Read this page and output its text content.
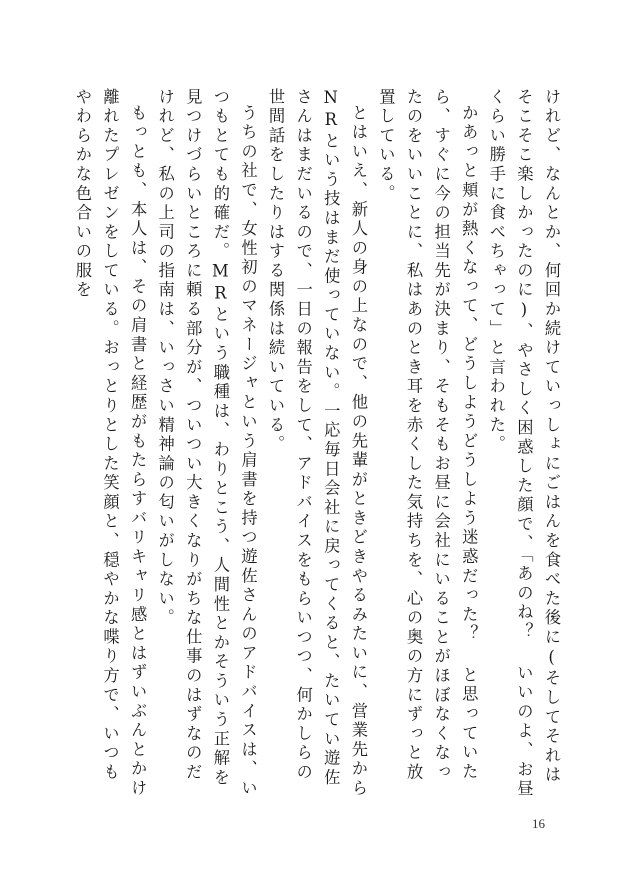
けれど、なんとか、何回か続けていっしょにごはんを食べた後に(そしてそれはそこそこ楽しかったのに)、やさしく困惑した顔で、「あのね？ いいのよ、お昼くらい勝手に食べちゃって」と言われた。

かあっと頬が熱くなって、どうしようどうしよう迷惑だった？ と思っていたら、すぐに今の担当先が決まり、そもそもお昼に会社にいることがほぼなくなったのをいいことに、私はあのとき耳を赤くした気持ちを、心の奥の方にずっと放置している。

とはいえ、新人の身の上なので、他の先輩がときどきやるみたいに、営業先からNRという技はまだ使っていない。一応毎日会社に戻ってくると、たいてい遊佐さんはまだいるので、一日の報告をして、アドバイスをもらいつつ、何かしらの世間話をしたりはする関係は続いている。

うちの社で、女性初のマネージャという肩書を持つ遊佐さんのアドバイスは、いつもとても的確だ。MRという職種は、わりとこう、人間性とかそういう正解を見つけづらいところに頼る部分が、ついつい大きくなりがちな仕事のはずなのだけれど、私の上司の指南は、いっさい精神論の匂いがしない。

もっとも、本人は、その肩書と経歴がもたらすバリキャリ感とはずいぶんとかけ離れたプレゼンをしている。おっとりとした笑顔と、穏やかな喋り方で、いつもやわらかな色合いの服を

16
